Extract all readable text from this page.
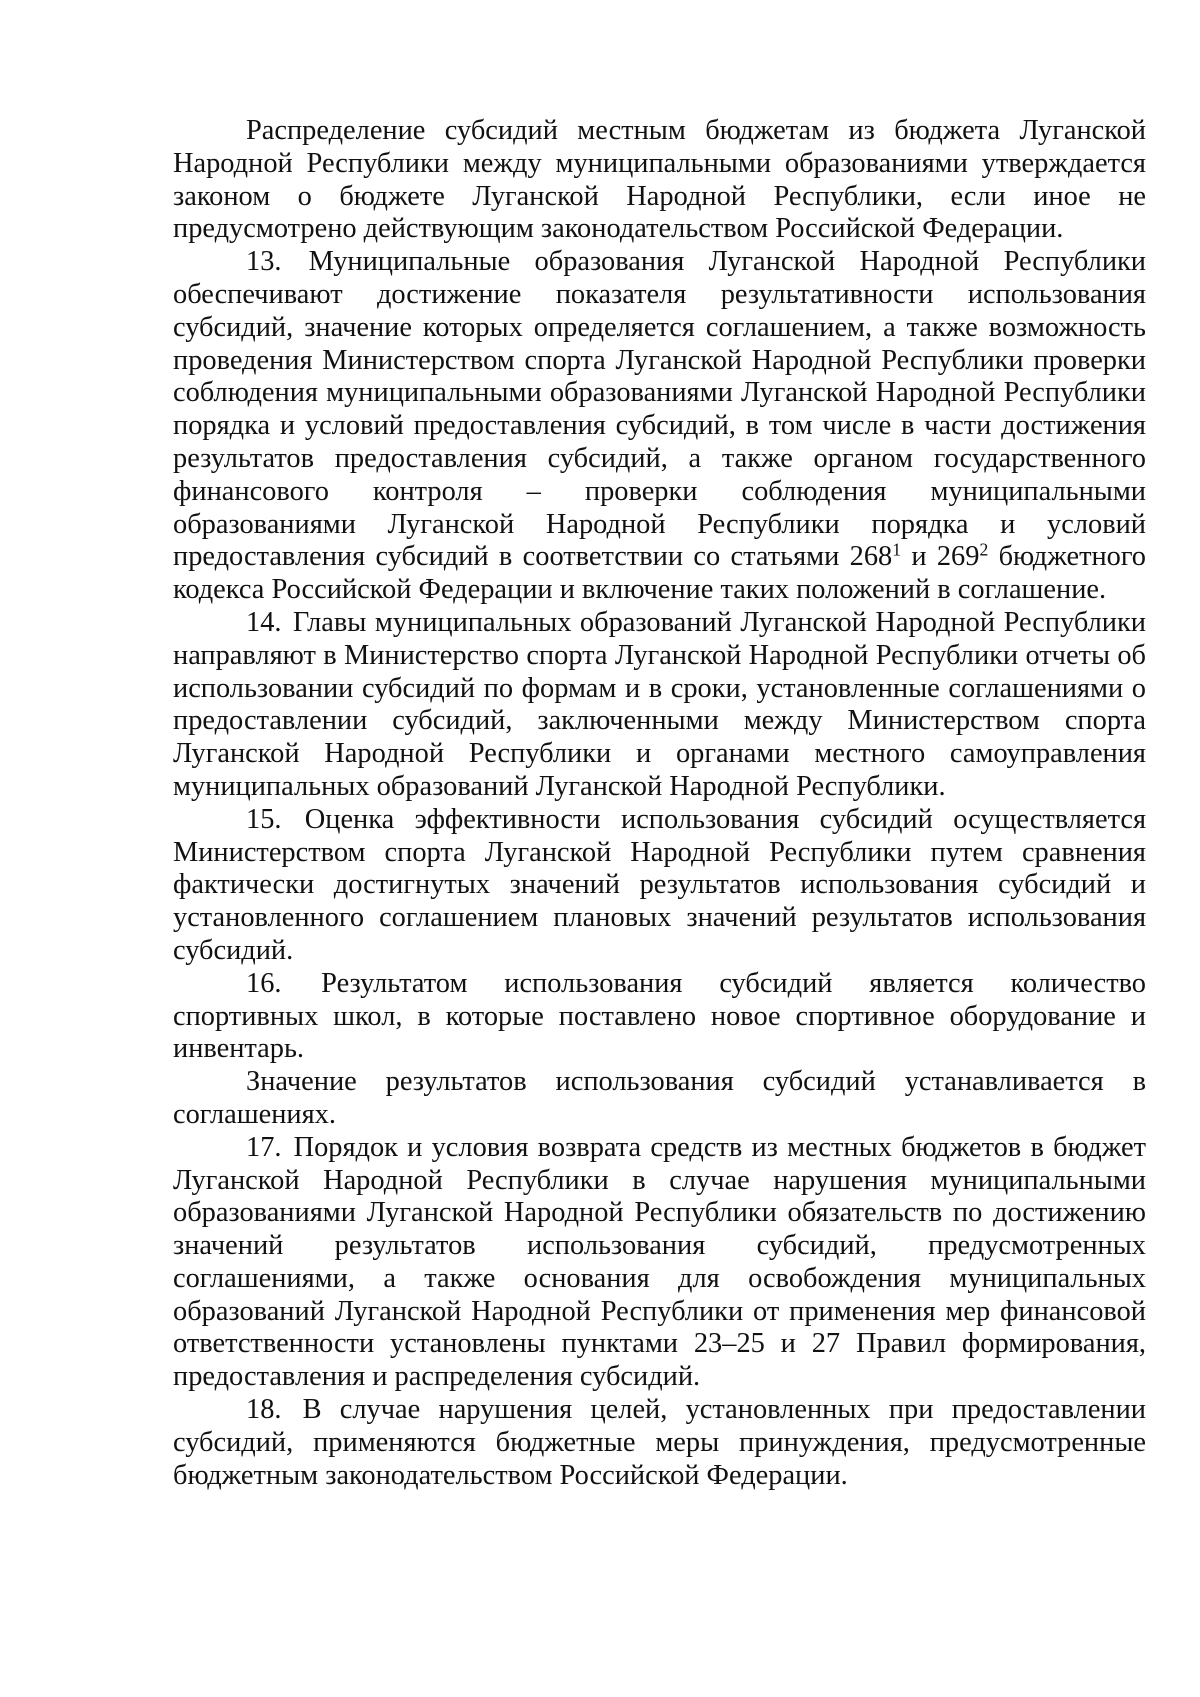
Распределение субсидий местным бюджетам из бюджета Луганской Народной Республики между муниципальными образованиями утверждается законом о бюджете Луганской Народной Республики, если иное не предусмотрено действующим законодательством Российской Федерации.

13. Муниципальные образования Луганской Народной Республики обеспечивают достижение показателя результативности использования субсидий, значение которых определяется соглашением, а также возможность проведения Министерством спорта Луганской Народной Республики проверки соблюдения муниципальными образованиями Луганской Народной Республики порядка и условий предоставления субсидий, в том числе в части достижения результатов предоставления субсидий, а также органом государственного финансового контроля – проверки соблюдения муниципальными образованиями Луганской Народной Республики порядка и условий предоставления субсидий в соответствии со статьями $268^1$ и $269^2$ бюджетного кодекса Российской Федерации и включение таких положений в соглашение.

14. Главы муниципальных образований Луганской Народной Республики направляют в Министерство спорта Луганской Народной Республики отчеты об использовании субсидий по формам и в сроки, установленные соглашениями о предоставлении субсидий, заключенными между Министерством спорта Луганской Народной Республики и органами местного самоуправления муниципальных образований Луганской Народной Республики.

15. Оценка эффективности использования субсидий осуществляется Министерством спорта Луганской Народной Республики путем сравнения фактически достигнутых значений результатов использования субсидий и установленного соглашением плановых значений результатов использования субсидий.

16. Результатом использования субсидий является количество спортивных школ, в которые поставлено новое спортивное оборудование и инвентарь.

Значение результатов использования субсидий устанавливается в соглашениях.

17. Порядок и условия возврата средств из местных бюджетов в бюджет Луганской Народной Республики в случае нарушения муниципальными образованиями Луганской Народной Республики обязательств по достижению значений результатов использования субсидий, предусмотренных соглашениями, а также основания для освобождения муниципальных образований Луганской Народной Республики от применения мер финансовой ответственности установлены пунктами 23–25 и 27 Правил формирования, предоставления и распределения субсидий.

18. В случае нарушения целей, установленных при предоставлении субсидий, применяются бюджетные меры принуждения, предусмотренные бюджетным законодательством Российской Федерации.
